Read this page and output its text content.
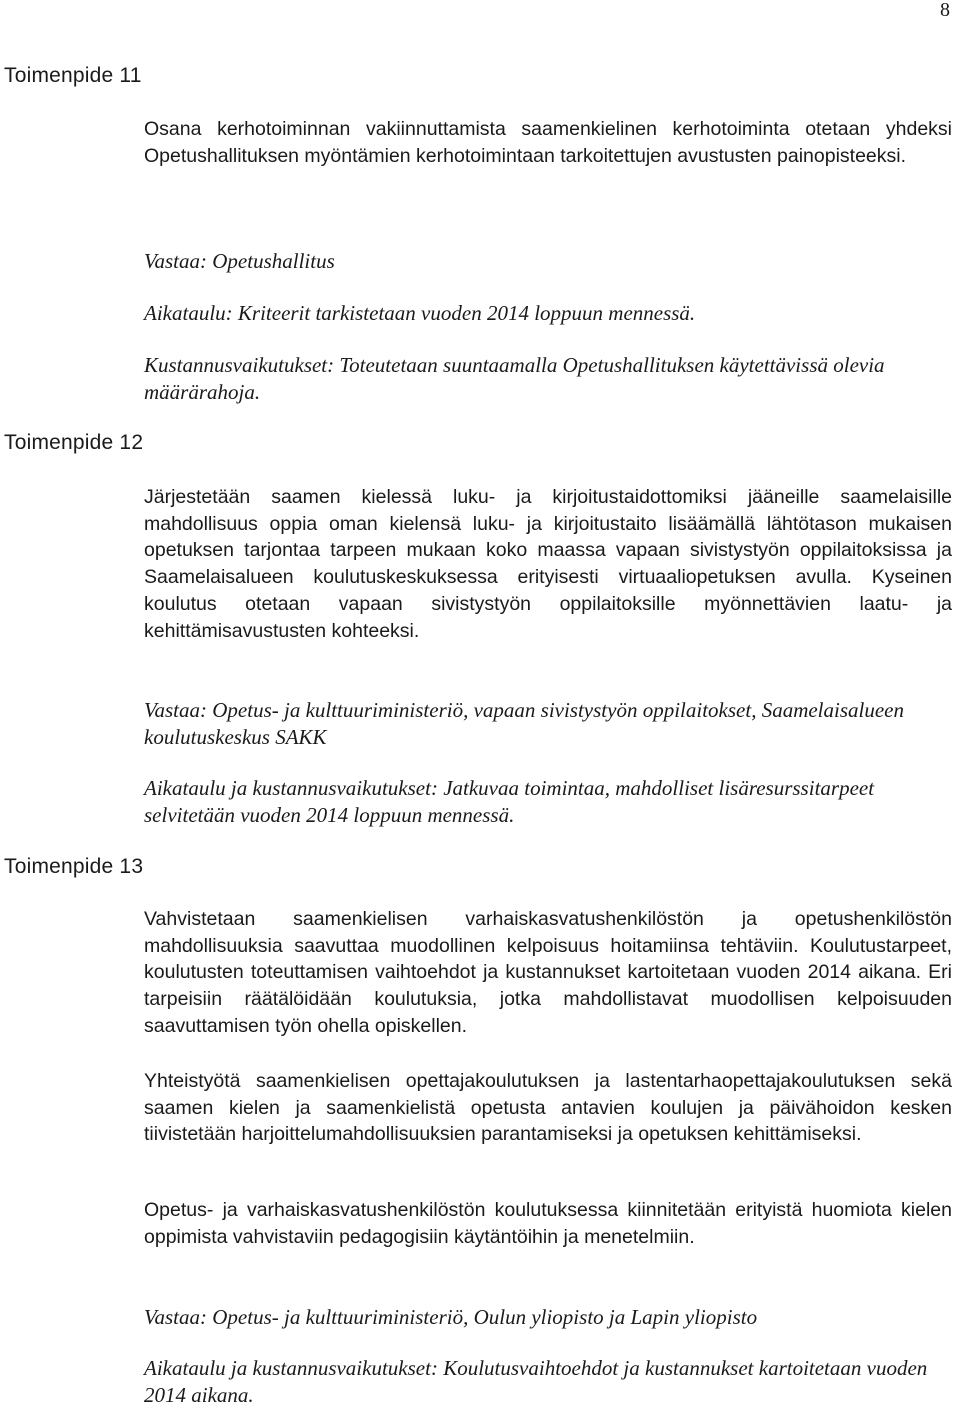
8
Toimenpide 11

Osana kerhotoiminnan vakiinnuttamista saamenkielinen kerhotoiminta otetaan yhdeksi Opetushallituksen myöntämien kerhotoimintaan tarkoitettujen avustusten painopisteeksi.

Vastaa: Opetushallitus

Aikataulu: Kriteerit tarkistetaan vuoden 2014 loppuun mennessä.

Kustannusvaikutukset: Toteutetaan suuntaamalla Opetushallituksen käytettävissä olevia määrärahoja.

Toimenpide 12

Järjestetään saamen kielessä luku- ja kirjoitustaidottomiksi jääneille saamelaisille mahdollisuus oppia oman kielensä luku- ja kirjoitustaito lisäämällä lähtötason mukaisen opetuksen tarjontaa tarpeen mukaan koko maassa vapaan sivistystyön oppilaitoksissa ja Saamelaisalueen koulutuskeskuksessa erityisesti virtuaaliopetuksen avulla. Kyseinen koulutus otetaan vapaan sivistystyön oppilaitoksille myönnettävien laatu- ja kehittämisavustusten kohteeksi.

Vastaa: Opetus- ja kulttuuriministeriö, vapaan sivistystyön oppilaitokset, Saamelaisalueen koulutuskeskus SAKK

Aikataulu ja kustannusvaikutukset: Jatkuvaa toimintaa, mahdolliset lisäresurssitarpeet selvitetään vuoden 2014 loppuun mennessä.

Toimenpide 13

Vahvistetaan saamenkielisen varhaiskasvatushenkilöstön ja opetushenkilöstön mahdollisuuksia saavuttaa muodollinen kelpoisuus hoitamiinsa tehtäviin. Koulutustarpeet, koulutusten toteuttamisen vaihtoehdot ja kustannukset kartoitetaan vuoden 2014 aikana. Eri tarpeisiin räätälöidään koulutuksia, jotka mahdollistavat muodollisen kelpoisuuden saavuttamisen työn ohella opiskellen.

Yhteistyötä saamenkielisen opettajakoulutuksen ja lastentarhaopettajakoulutuksen sekä saamen kielen ja saamenkielistä opetusta antavien koulujen ja päivähoidon kesken tiivistetään harjoittelumahdollisuuksien parantamiseksi ja opetuksen kehittämiseksi.

Opetus- ja varhaiskasvatushenkilöstön koulutuksessa kiinnitetään erityistä huomiota kielen oppimista vahvistaviin pedagogisiin käytäntöihin ja menetelmiin.

Vastaa: Opetus- ja kulttuuriministeriö, Oulun yliopisto ja Lapin yliopisto

Aikataulu ja kustannusvaikutukset: Koulutusvaihtoehdot ja kustannukset kartoitetaan vuoden 2014 aikana.
